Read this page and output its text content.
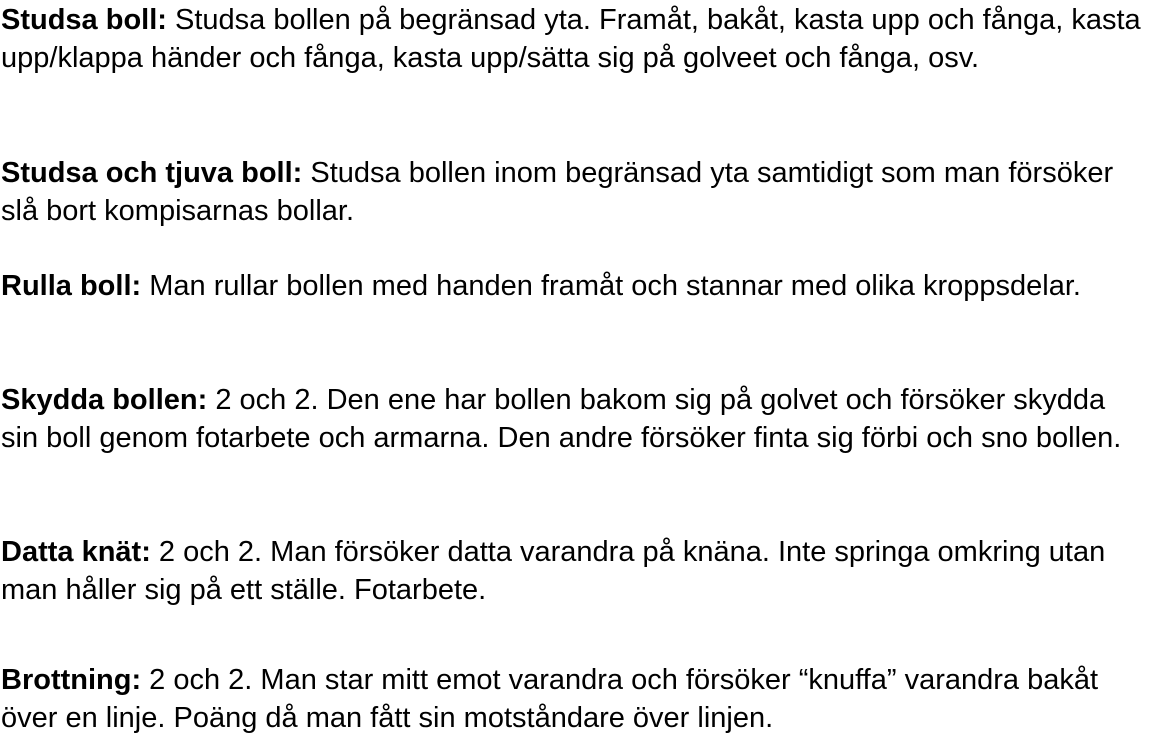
Studsa boll: Studsa bollen på begränsad yta. Framåt, bakåt, kasta upp och fånga, kasta upp/klappa händer och fånga, kasta upp/sätta sig på golveet och fånga, osv.

Studsa och tjuva boll: Studsa bollen inom begränsad yta samtidigt som man försöker slå bort kompisarnas bollar.

Rulla boll: Man rullar bollen med handen framåt och stannar med olika kroppsdelar.

Skydda bollen: 2 och 2. Den ene har bollen bakom sig på golvet och försöker skydda sin boll genom fotarbete och armarna. Den andre försöker finta sig förbi och sno bollen.

Datta knät: 2 och 2. Man försöker datta varandra på knäna. Inte springa omkring utan man håller sig på ett ställe. Fotarbete.

Brottning: 2 och 2. Man star mitt emot varandra och försöker “knuffa” varandra bakåt över en linje. Poäng då man fått sin motståndare över linjen.
